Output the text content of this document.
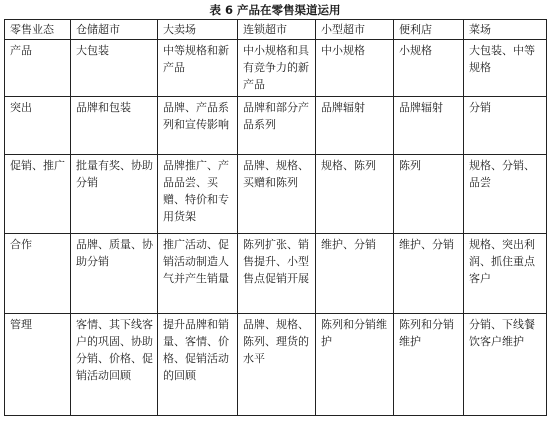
表 6 产品在零售渠道运用
零售业态	仓储超市	大卖场	连锁超市	小型超市	便利店	菜场
产品	大包装	中等规格和新产品	中小规格和具有竞争力的新产品	中小规格	小规格	大包装、中等规格
突出	品牌和包装	品牌、产品系列和宣传影响	品牌和部分产品系列	品牌辐射	品牌辐射	分销
促销、推广	批量有奖、协助分销	品牌推广、产品品尝、买赠、特价和专用货架	品牌、规格、买赠和陈列	规格、陈列	陈列	规格、分销、品尝
合作	品牌、质量、协助分销	推广活动、促销活动制造人气并产生销量	陈列扩张、销售提升、小型售点促销开展	维护、分销	维护、分销	规格、突出利润、抓住重点客户
管理	客情、其下线客户的巩固、协助分销、价格、促销活动回顾	提升品牌和销量、客情、价格、促销活动的回顾	品牌、规格、陈列、理货的水平	陈列和分销维护	陈列和分销维护	分销、下线餐饮客户维护
